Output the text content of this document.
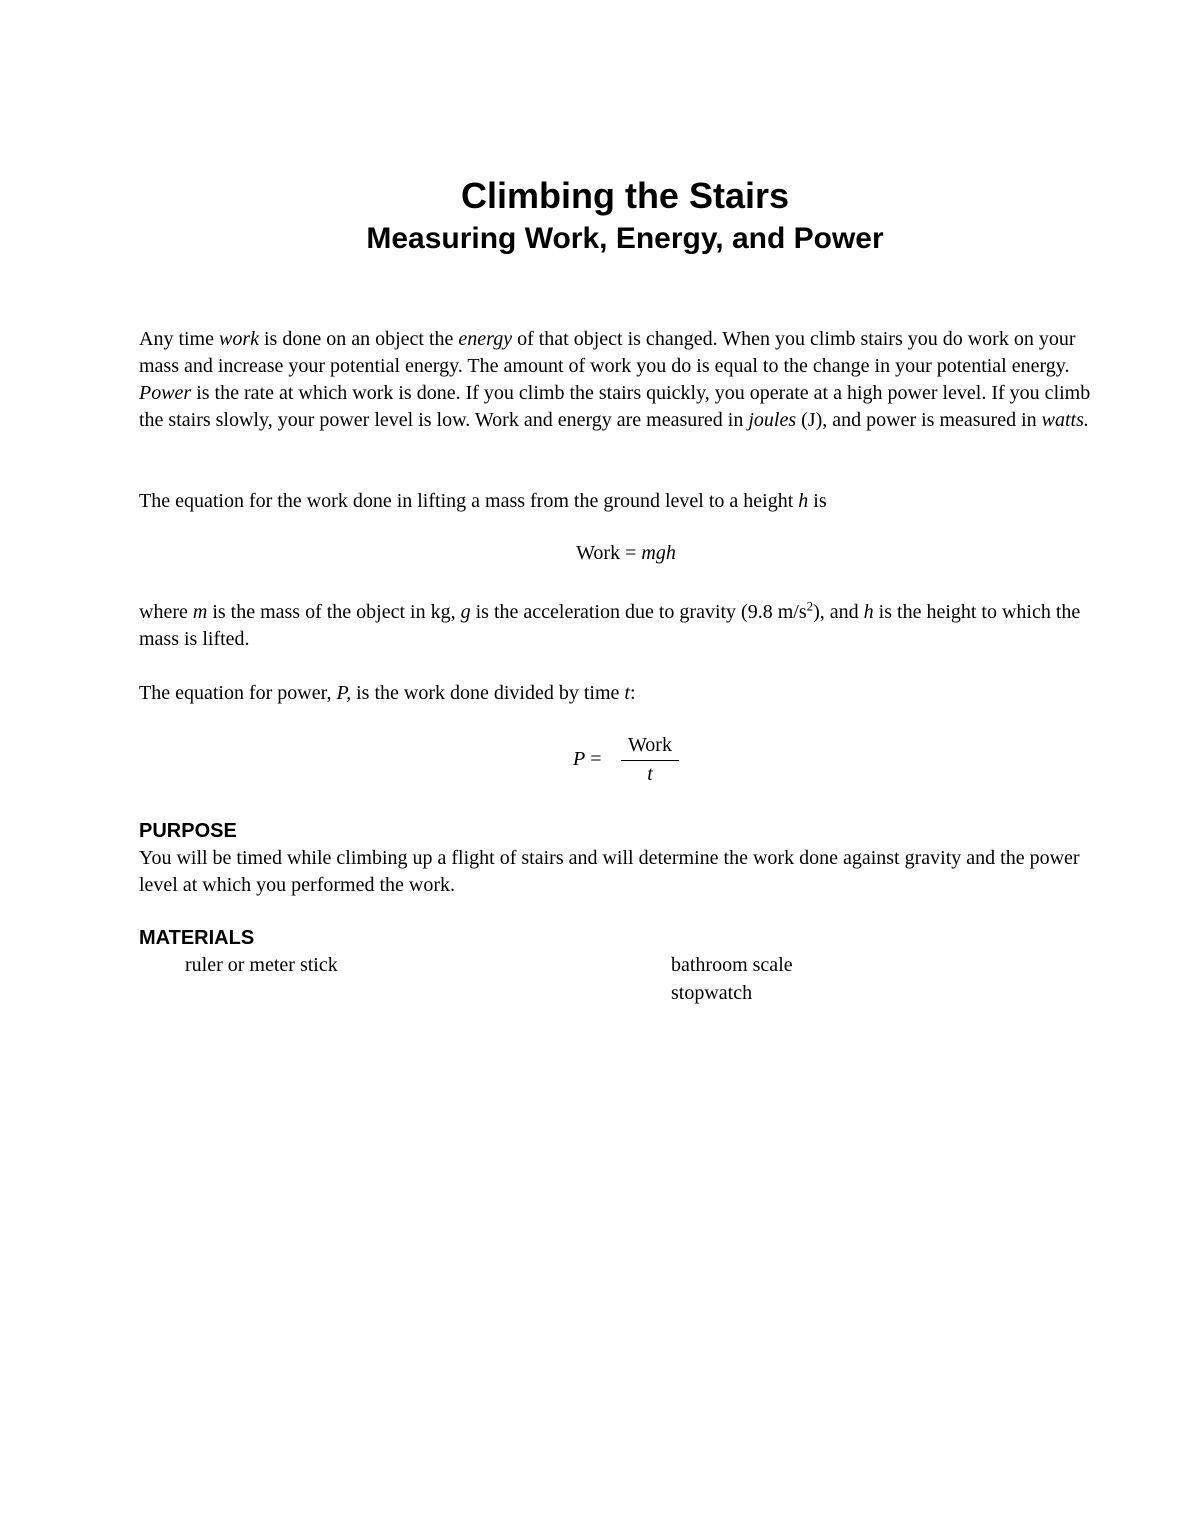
Climbing the Stairs
Measuring Work, Energy, and Power

Any time work is done on an object the energy of that object is changed. When you climb stairs you do work on your mass and increase your potential energy. The amount of work you do is equal to the change in your potential energy. Power is the rate at which work is done. If you climb the stairs quickly, you operate at a high power level. If you climb the stairs slowly, your power level is low. Work and energy are measured in joules (J), and power is measured in watts.

The equation for the work done in lifting a mass from the ground level to a height h is

Work = mgh

where m is the mass of the object in kg, g is the acceleration due to gravity (9.8 $m/s^2$), and h is the height to which the mass is lifted.

The equation for power, P, is the work done divided by time t:

P =
Work
t
PURPOSE

You will be timed while climbing up a flight of stairs and will determine the work done against gravity and the power level at which you performed the work.

MATERIALS
ruler or meter stick	bathroom scale
stopwatch
